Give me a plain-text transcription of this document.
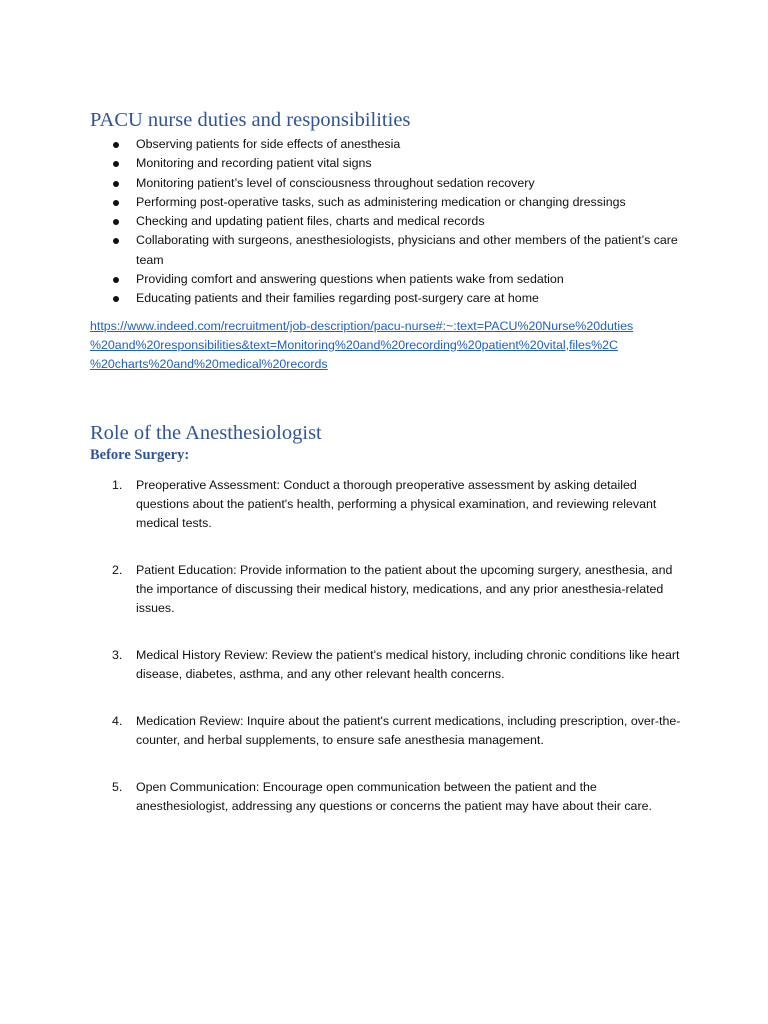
PACU nurse duties and responsibilities
Observing patients for side effects of anesthesia
Monitoring and recording patient vital signs
Monitoring patient’s level of consciousness throughout sedation recovery
Performing post-operative tasks, such as administering medication or changing dressings
Checking and updating patient files, charts and medical records
Collaborating with surgeons, anesthesiologists, physicians and other members of the patient’s care team
Providing comfort and answering questions when patients wake from sedation
Educating patients and their families regarding post-surgery care at home
https://www.indeed.com/recruitment/job-description/pacu-nurse#:~:text=PACU%20Nurse%20duties
%20and%20responsibilities&text=Monitoring%20and%20recording%20patient%20vital,files%2C
%20charts%20and%20medical%20records
Role of the Anesthesiologist
Before Surgery:
1. Preoperative Assessment: Conduct a thorough preoperative assessment by asking detailed questions about the patient's health, performing a physical examination, and reviewing relevant medical tests.
2. Patient Education: Provide information to the patient about the upcoming surgery, anesthesia, and the importance of discussing their medical history, medications, and any prior anesthesia-related issues.
3. Medical History Review: Review the patient's medical history, including chronic conditions like heart disease, diabetes, asthma, and any other relevant health concerns.
4. Medication Review: Inquire about the patient's current medications, including prescription, over-the-counter, and herbal supplements, to ensure safe anesthesia management.
5. Open Communication: Encourage open communication between the patient and the anesthesiologist, addressing any questions or concerns the patient may have about their care.
